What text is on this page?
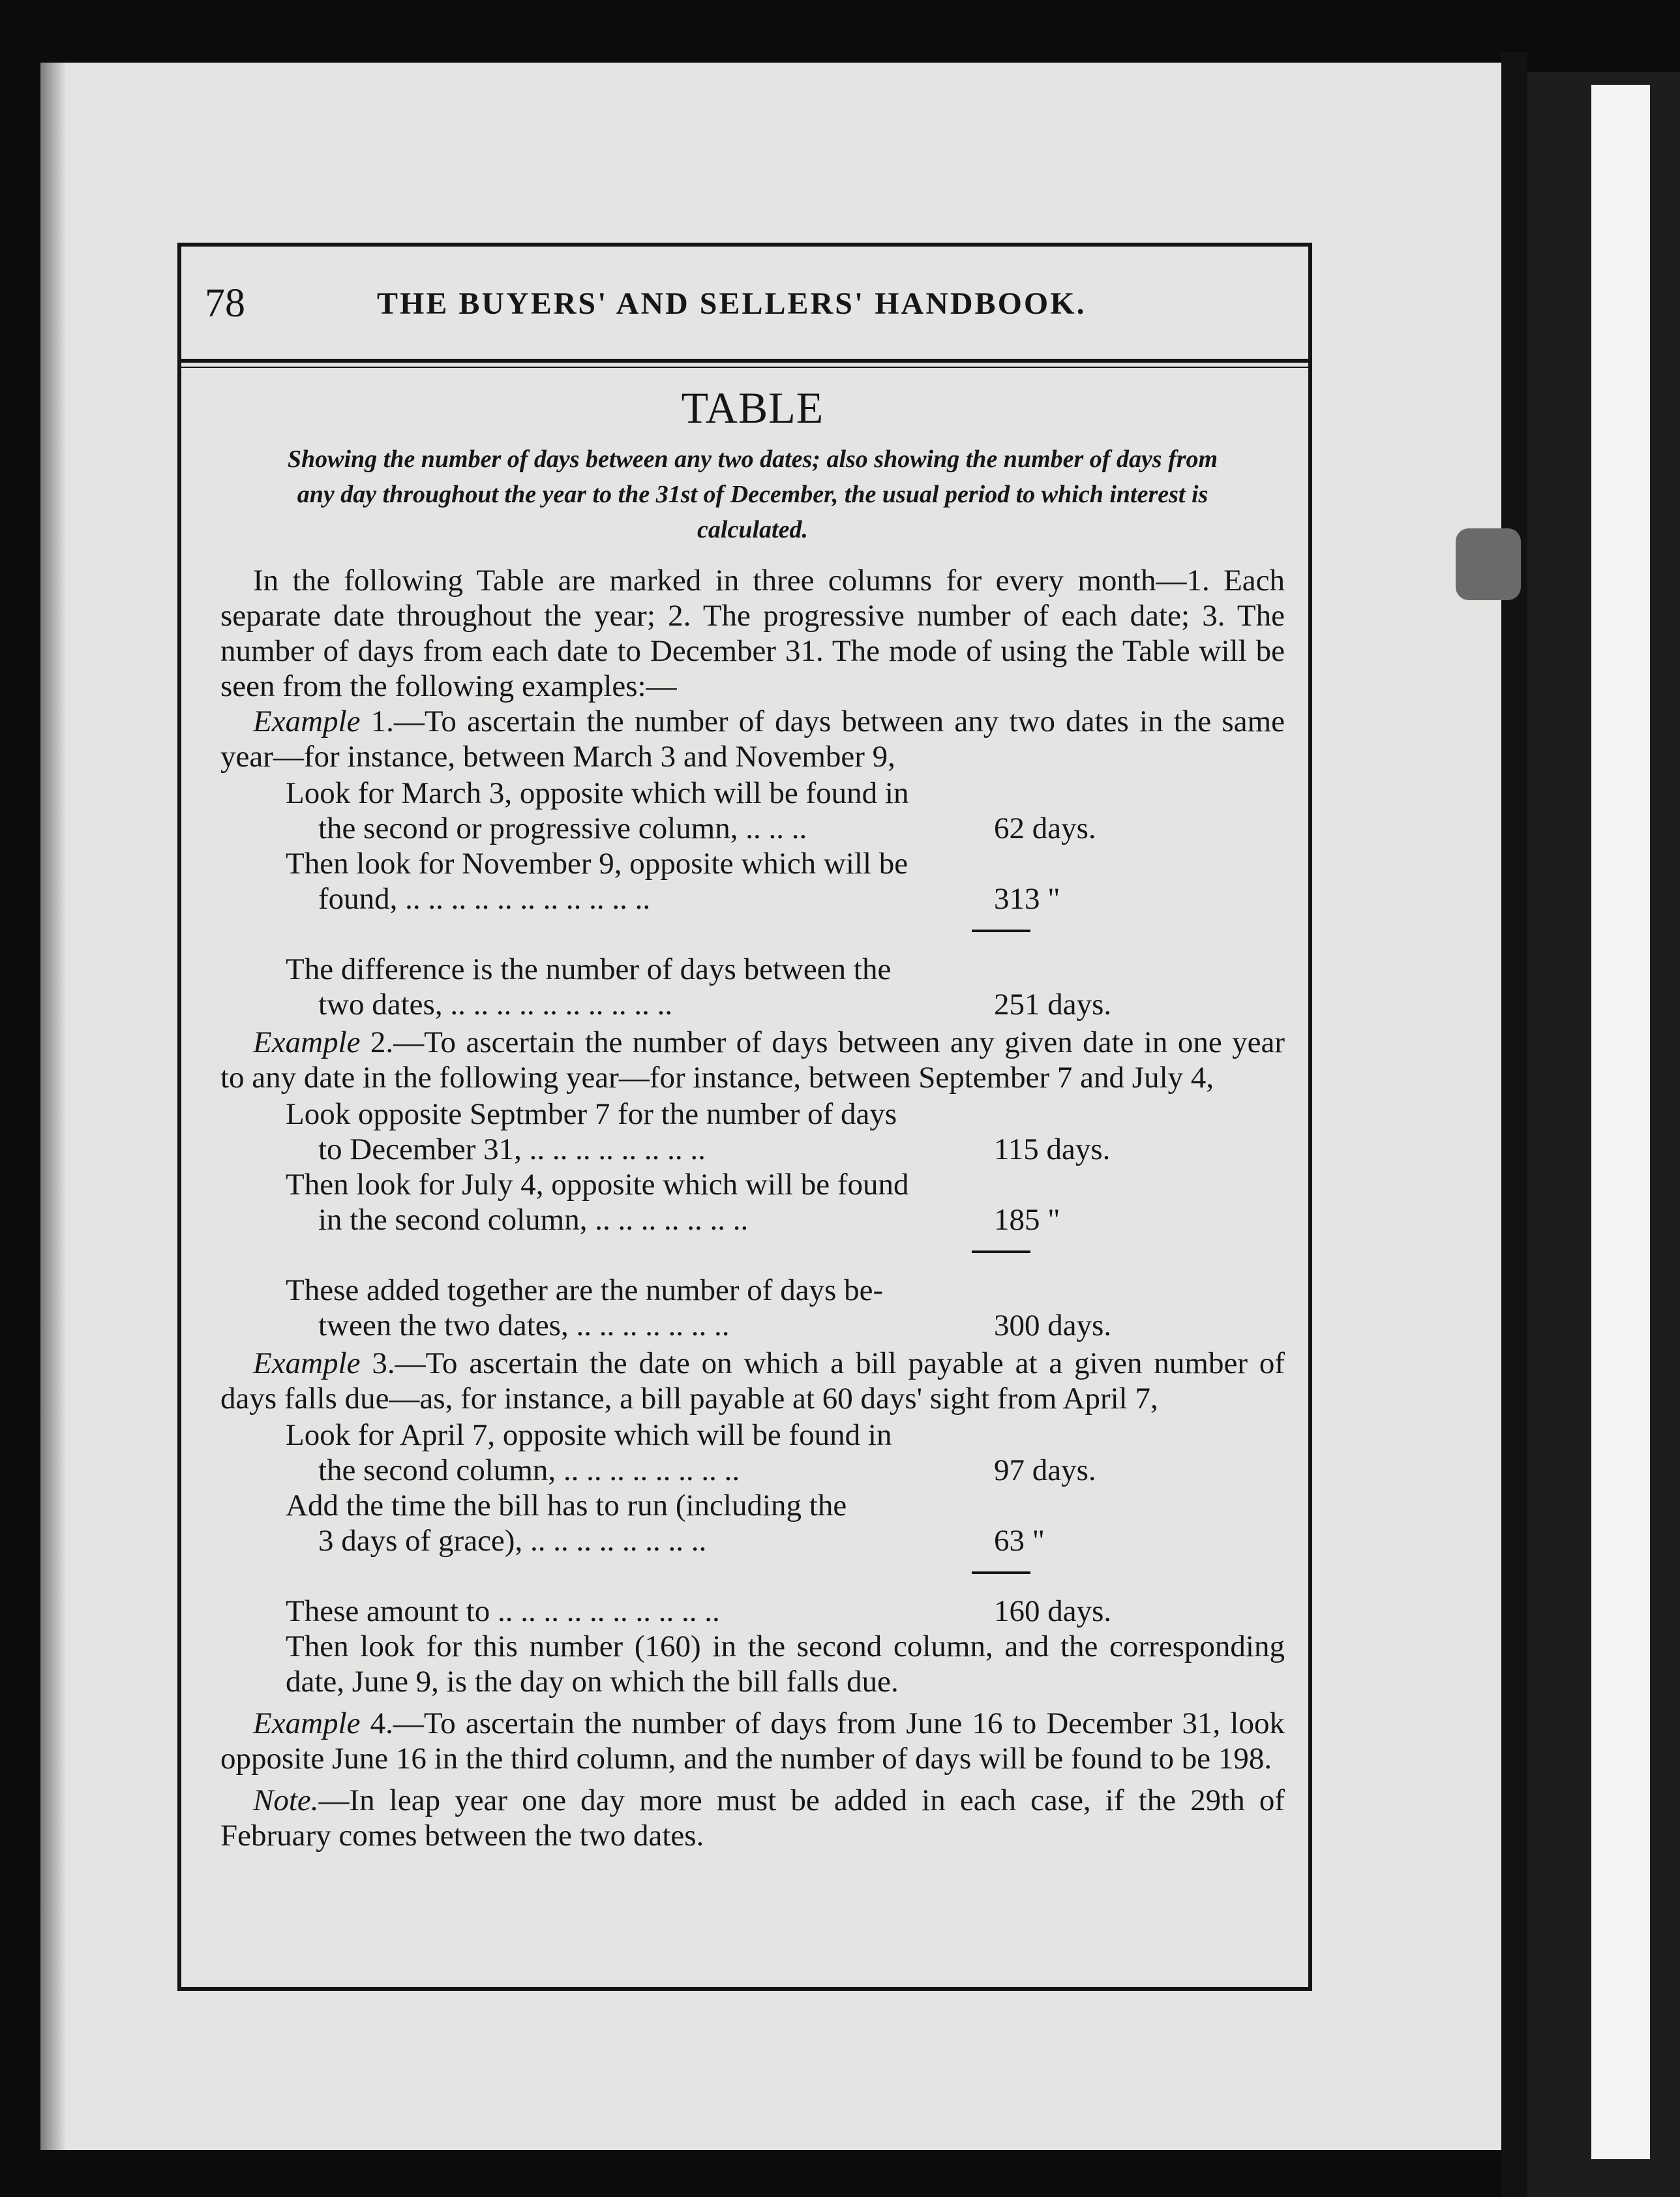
78	THE BUYERS' AND SELLERS' HANDBOOK.
TABLE
Showing the number of days between any two dates; also showing the number of days from any day throughout the year to the 31st of December, the usual period to which interest is calculated.

In the following Table are marked in three columns for every month—1. Each separate date throughout the year; 2. The progressive number of each date; 3. The number of days from each date to December 31. The mode of using the Table will be seen from the following examples:—

Example 1.—To ascertain the number of days between any two dates in the same year—for instance, between March 3 and November 9,

Look for March 3, opposite which will be found in
the second or progressive column, .. .. ..	62 days.
Then look for November 9, opposite which will be
found, .. .. .. .. .. .. .. .. .. .. ..	313 "
The difference is the number of days between the
two dates, .. .. .. .. .. .. .. .. .. ..	251 days.

Example 2.—To ascertain the number of days between any given date in one year to any date in the following year—for instance, between September 7 and July 4,

Look opposite Septmber 7 for the number of days
to December 31, .. .. .. .. .. .. .. ..	115 days.
Then look for July 4, opposite which will be found
in the second column, .. .. .. .. .. .. ..	185 "
These added together are the number of days be-
tween the two dates, .. .. .. .. .. .. ..	300 days.

Example 3.—To ascertain the date on which a bill payable at a given number of days falls due—as, for instance, a bill payable at 60 days' sight from April 7,

Look for April 7, opposite which will be found in
the second column, .. .. .. .. .. .. .. ..	97 days.
Add the time the bill has to run (including the
3 days of grace), .. .. .. .. .. .. .. ..	63 "
These amount to .. .. .. .. .. .. .. .. .. ..	160 days.

Then look for this number (160) in the second column, and the corresponding date, June 9, is the day on which the bill falls due.

Example 4.—To ascertain the number of days from June 16 to December 31, look opposite June 16 in the third column, and the number of days will be found to be 198.

Note.—In leap year one day more must be added in each case, if the 29th of February comes between the two dates.
